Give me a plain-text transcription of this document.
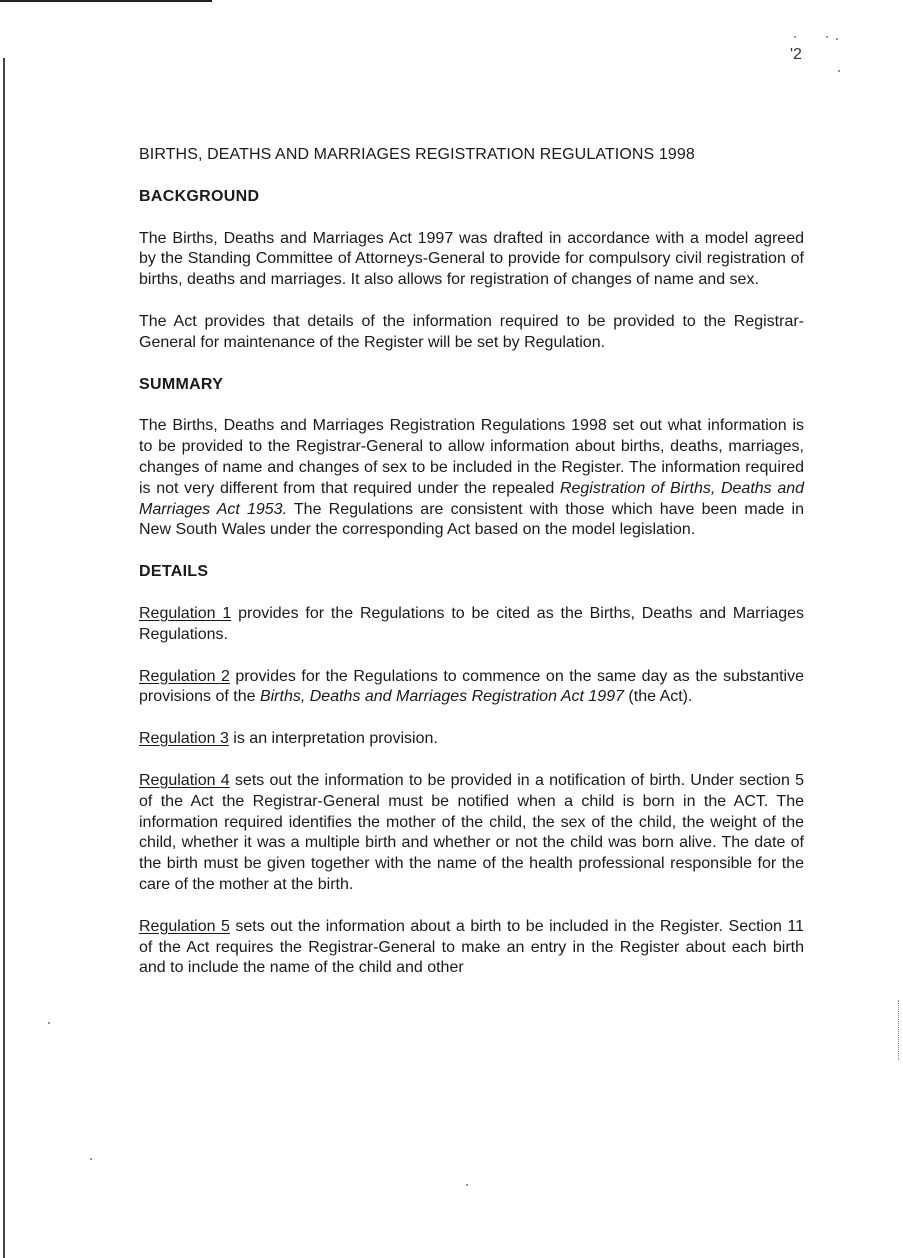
'2
BIRTHS, DEATHS AND MARRIAGES REGISTRATION REGULATIONS 1998
BACKGROUND

The Births, Deaths and Marriages Act 1997 was drafted in accordance with a model agreed by the Standing Committee of Attorneys-General to provide for compulsory civil registration of births, deaths and marriages. It also allows for registration of changes of name and sex.

The Act provides that details of the information required to be provided to the Registrar-General for maintenance of the Register will be set by Regulation.

SUMMARY

The Births, Deaths and Marriages Registration Regulations 1998 set out what information is to be provided to the Registrar-General to allow information about births, deaths, marriages, changes of name and changes of sex to be included in the Register. The information required is not very different from that required under the repealed Registration of Births, Deaths and Marriages Act 1953. The Regulations are consistent with those which have been made in New South Wales under the corresponding Act based on the model legislation.

DETAILS

Regulation 1 provides for the Regulations to be cited as the Births, Deaths and Marriages Regulations.

Regulation 2 provides for the Regulations to commence on the same day as the substantive provisions of the Births, Deaths and Marriages Registration Act 1997 (the Act).

Regulation 3 is an interpretation provision.

Regulation 4 sets out the information to be provided in a notification of birth. Under section 5 of the Act the Registrar-General must be notified when a child is born in the ACT. The information required identifies the mother of the child, the sex of the child, the weight of the child, whether it was a multiple birth and whether or not the child was born alive. The date of the birth must be given together with the name of the health professional responsible for the care of the mother at the birth.

Regulation 5 sets out the information about a birth to be included in the Register. Section 11 of the Act requires the Registrar-General to make an entry in the Register about each birth and to include the name of the child and other
